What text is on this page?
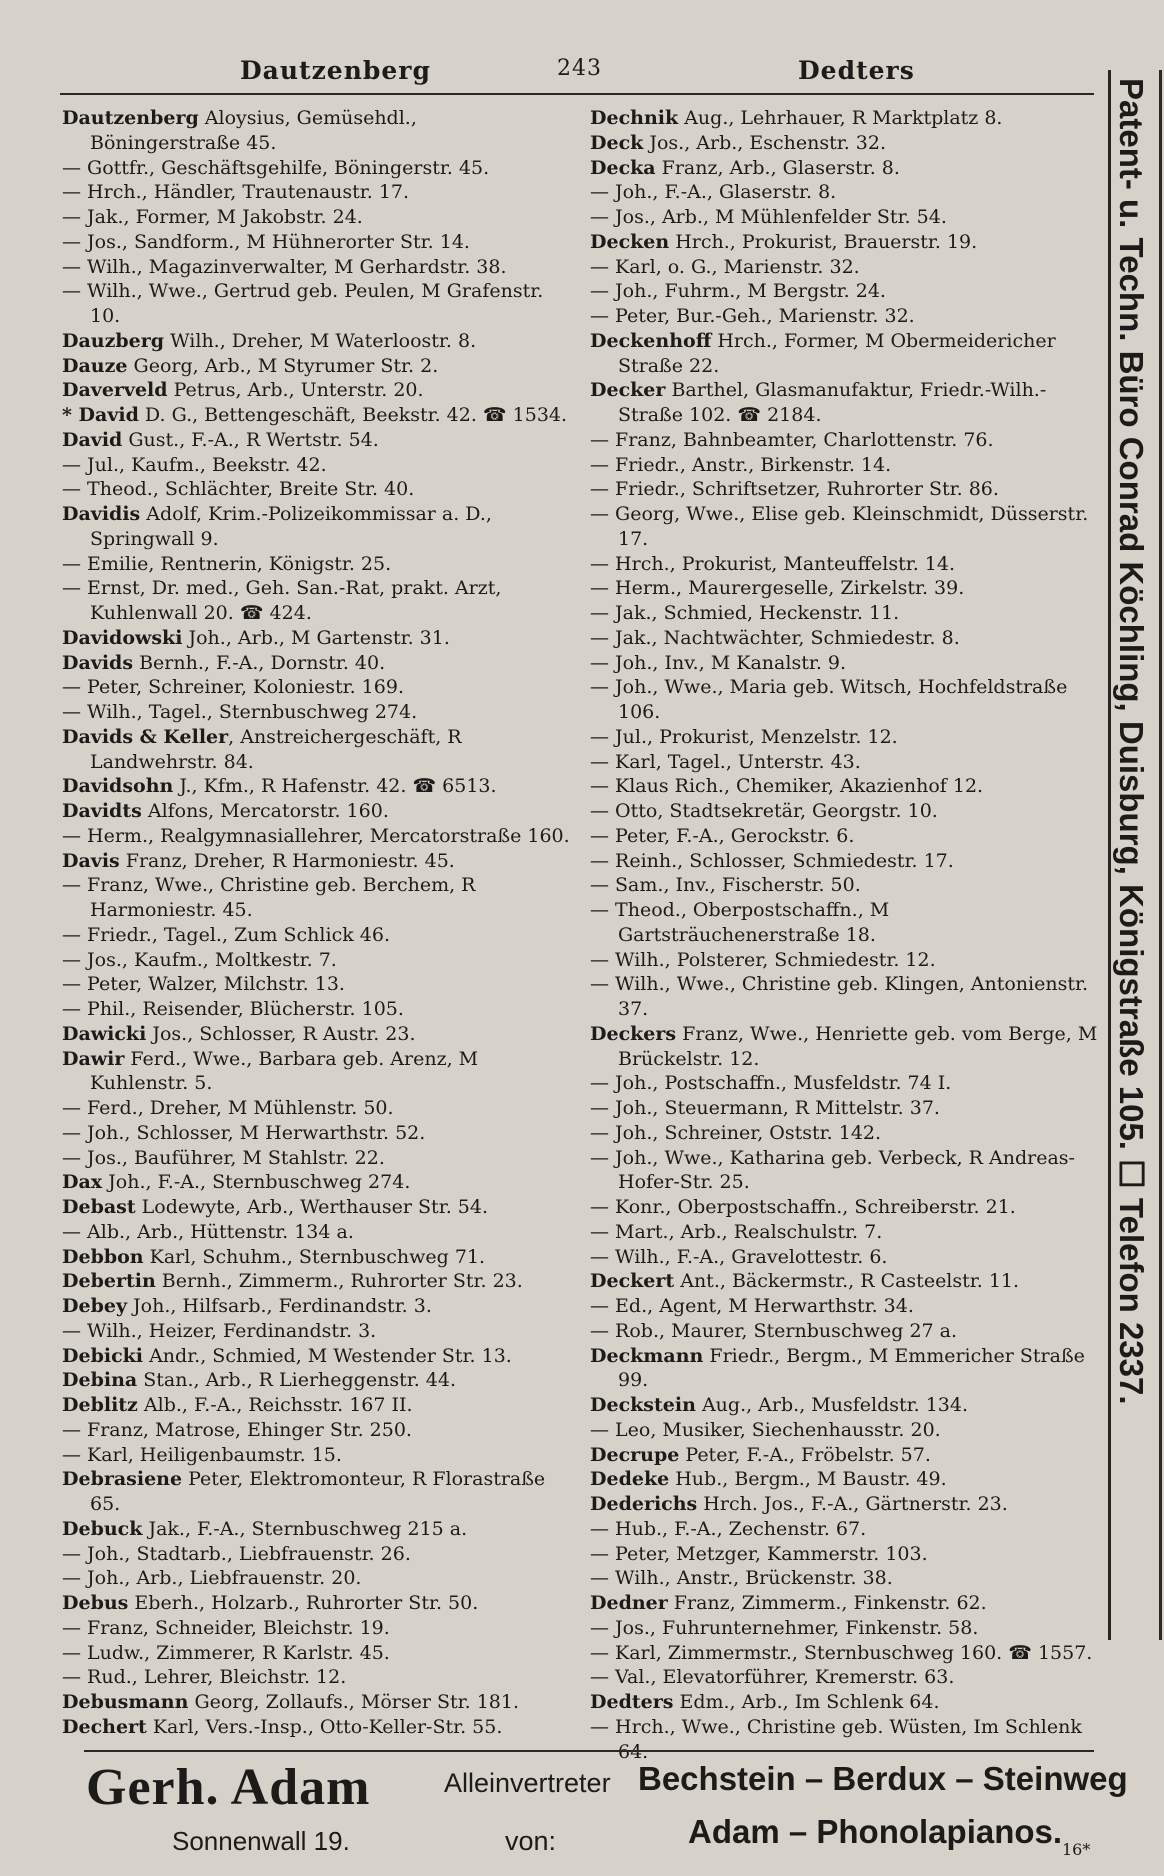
Dautzenberg	243	Dedters

Dautzenberg Aloysius, Gemüsehdl., Böningerstraße 45.

— Gottfr., Geschäftsgehilfe, Böningerstr. 45.

— Hrch., Händler, Trautenaustr. 17.

— Jak., Former, M Jakobstr. 24.

— Jos., Sandform., M Hühnerorter Str. 14.

— Wilh., Magazinverwalter, M Gerhardstr. 38.

— Wilh., Wwe., Gertrud geb. Peulen, M Grafenstr. 10.

Dauzberg Wilh., Dreher, M Waterloostr. 8.

Dauze Georg, Arb., M Styrumer Str. 2.

Daverveld Petrus, Arb., Unterstr. 20.

* David D. G., Bettengeschäft, Beekstr. 42. ☎ 1534.

David Gust., F.-A., R Wertstr. 54.

— Jul., Kaufm., Beekstr. 42.

— Theod., Schlächter, Breite Str. 40.

Davidis Adolf, Krim.-Polizeikommissar a. D., Springwall 9.

— Emilie, Rentnerin, Königstr. 25.

— Ernst, Dr. med., Geh. San.-Rat, prakt. Arzt, Kuhlenwall 20. ☎ 424.

Davidowski Joh., Arb., M Gartenstr. 31.

Davids Bernh., F.-A., Dornstr. 40.

— Peter, Schreiner, Koloniestr. 169.

— Wilh., Tagel., Sternbuschweg 274.

Davids & Keller, Anstreichergeschäft, R Landwehrstr. 84.

Davidsohn J., Kfm., R Hafenstr. 42. ☎ 6513.

Davidts Alfons, Mercatorstr. 160.

— Herm., Realgymnasiallehrer, Mercatorstraße 160.

Davis Franz, Dreher, R Harmoniestr. 45.

— Franz, Wwe., Christine geb. Berchem, R Harmoniestr. 45.

— Friedr., Tagel., Zum Schlick 46.

— Jos., Kaufm., Moltkestr. 7.

— Peter, Walzer, Milchstr. 13.

— Phil., Reisender, Blücherstr. 105.

Dawicki Jos., Schlosser, R Austr. 23.

Dawir Ferd., Wwe., Barbara geb. Arenz, M Kuhlenstr. 5.

— Ferd., Dreher, M Mühlenstr. 50.

— Joh., Schlosser, M Herwarthstr. 52.

— Jos., Bauführer, M Stahlstr. 22.

Dax Joh., F.-A., Sternbuschweg 274.

Debast Lodewyte, Arb., Werthauser Str. 54.

— Alb., Arb., Hüttenstr. 134 a.

Debbon Karl, Schuhm., Sternbuschweg 71.

Debertin Bernh., Zimmerm., Ruhrorter Str. 23.

Debey Joh., Hilfsarb., Ferdinandstr. 3.

— Wilh., Heizer, Ferdinandstr. 3.

Debicki Andr., Schmied, M Westender Str. 13.

Debina Stan., Arb., R Lierheggenstr. 44.

Deblitz Alb., F.-A., Reichsstr. 167 II.

— Franz, Matrose, Ehinger Str. 250.

— Karl, Heiligenbaumstr. 15.

Debrasiene Peter, Elektromonteur, R Florastraße 65.

Debuck Jak., F.-A., Sternbuschweg 215 a.

— Joh., Stadtarb., Liebfrauenstr. 26.

— Joh., Arb., Liebfrauenstr. 20.

Debus Eberh., Holzarb., Ruhrorter Str. 50.

— Franz, Schneider, Bleichstr. 19.

— Ludw., Zimmerer, R Karlstr. 45.

— Rud., Lehrer, Bleichstr. 12.

Debusmann Georg, Zollaufs., Mörser Str. 181.

Dechert Karl, Vers.-Insp., Otto-Keller-Str. 55.

Dechnik Aug., Lehrhauer, R Marktplatz 8.

Deck Jos., Arb., Eschenstr. 32.

Decka Franz, Arb., Glaserstr. 8.

— Joh., F.-A., Glaserstr. 8.

— Jos., Arb., M Mühlenfelder Str. 54.

Decken Hrch., Prokurist, Brauerstr. 19.

— Karl, o. G., Marienstr. 32.

— Joh., Fuhrm., M Bergstr. 24.

— Peter, Bur.-Geh., Marienstr. 32.

Deckenhoff Hrch., Former, M Obermeidericher Straße 22.

Decker Barthel, Glasmanufaktur, Friedr.-Wilh.-Straße 102. ☎ 2184.

— Franz, Bahnbeamter, Charlottenstr. 76.

— Friedr., Anstr., Birkenstr. 14.

— Friedr., Schriftsetzer, Ruhrorter Str. 86.

— Georg, Wwe., Elise geb. Kleinschmidt, Düsserstr. 17.

— Hrch., Prokurist, Manteuffelstr. 14.

— Herm., Maurergeselle, Zirkelstr. 39.

— Jak., Schmied, Heckenstr. 11.

— Jak., Nachtwächter, Schmiedestr. 8.

— Joh., Inv., M Kanalstr. 9.

— Joh., Wwe., Maria geb. Witsch, Hochfeldstraße 106.

— Jul., Prokurist, Menzelstr. 12.

— Karl, Tagel., Unterstr. 43.

— Klaus Rich., Chemiker, Akazienhof 12.

— Otto, Stadtsekretär, Georgstr. 10.

— Peter, F.-A., Gerockstr. 6.

— Reinh., Schlosser, Schmiedestr. 17.

— Sam., Inv., Fischerstr. 50.

— Theod., Oberpostschaffn., M Gartsträuchenerstraße 18.

— Wilh., Polsterer, Schmiedestr. 12.

— Wilh., Wwe., Christine geb. Klingen, Antonienstr. 37.

Deckers Franz, Wwe., Henriette geb. vom Berge, M Brückelstr. 12.

— Joh., Postschaffn., Musfeldstr. 74 I.

— Joh., Steuermann, R Mittelstr. 37.

— Joh., Schreiner, Oststr. 142.

— Joh., Wwe., Katharina geb. Verbeck, R Andreas-Hofer-Str. 25.

— Konr., Oberpostschaffn., Schreiberstr. 21.

— Mart., Arb., Realschulstr. 7.

— Wilh., F.-A., Gravelottestr. 6.

Deckert Ant., Bäckermstr., R Casteelstr. 11.

— Ed., Agent, M Herwarthstr. 34.

— Rob., Maurer, Sternbuschweg 27 a.

Deckmann Friedr., Bergm., M Emmericher Straße 99.

Deckstein Aug., Arb., Musfeldstr. 134.

— Leo, Musiker, Siechenhausstr. 20.

Decrupe Peter, F.-A., Fröbelstr. 57.

Dedeke Hub., Bergm., M Baustr. 49.

Dederichs Hrch. Jos., F.-A., Gärtnerstr. 23.

— Hub., F.-A., Zechenstr. 67.

— Peter, Metzger, Kammerstr. 103.

— Wilh., Anstr., Brückenstr. 38.

Dedner Franz, Zimmerm., Finkenstr. 62.

— Jos., Fuhrunternehmer, Finkenstr. 58.

— Karl, Zimmermstr., Sternbuschweg 160. ☎ 1557.

— Val., Elevatorführer, Kremerstr. 63.

Dedters Edm., Arb., Im Schlenk 64.

— Hrch., Wwe., Christine geb. Wüsten, Im Schlenk 64.

Patent- u. Techn. Büro Conrad Köchling, Duisburg, Königstraße 105. ☐ Telefon 2337.
Gerh. Adam	Alleinvertreter
Sonnenwall 19.	von:
Bechstein – Berdux – Steinweg
Adam – Phonolapianos. 16*
